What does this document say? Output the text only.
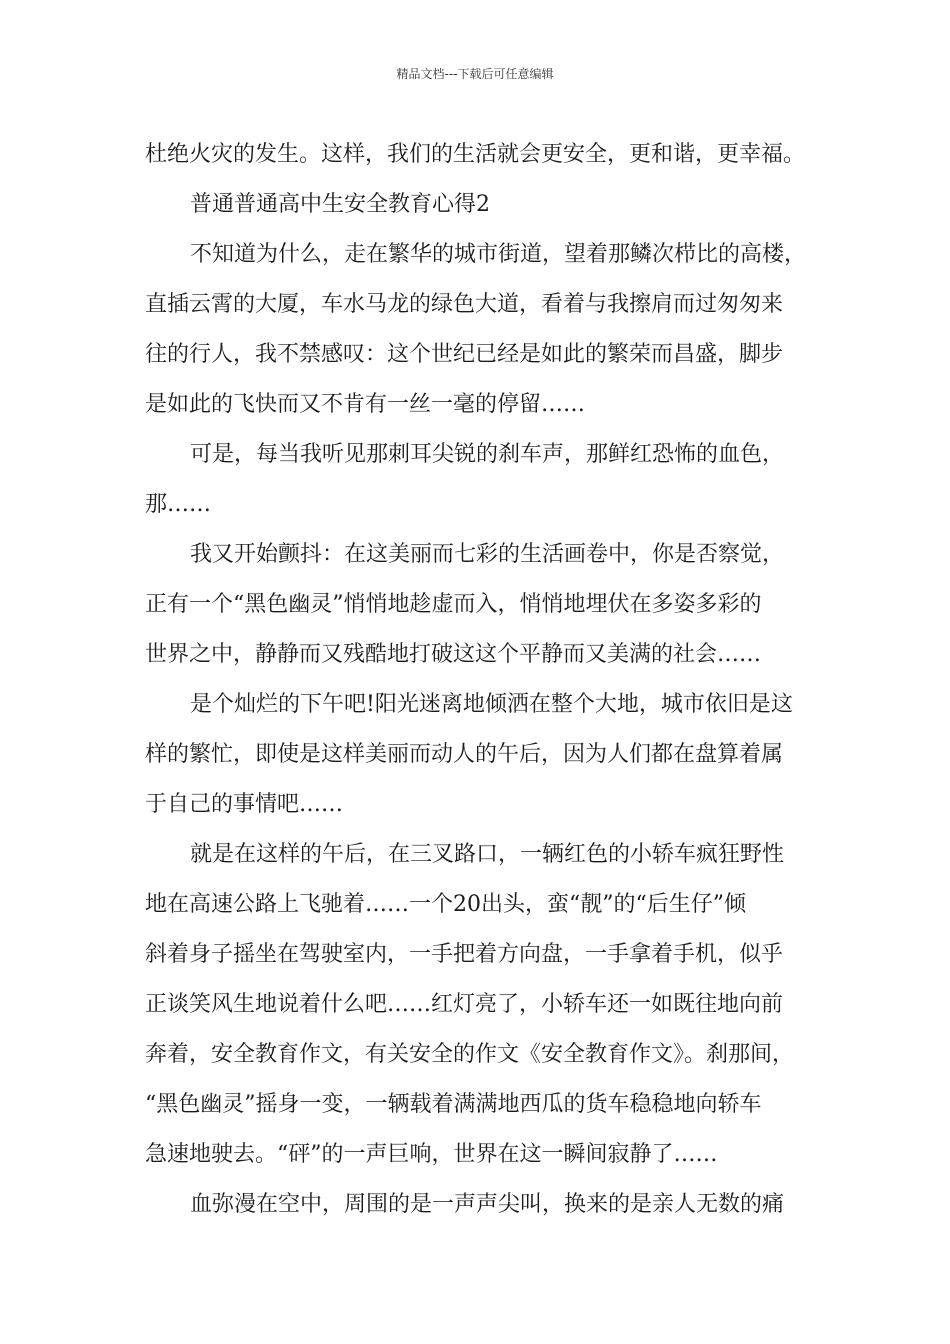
精品文档---下载后可任意编辑
杜绝火灾的发生。这样，我们的生活就会更安全，更和谐，更幸福。
普通普通高中生安全教育心得2
不知道为什么，走在繁华的城市街道，望着那鳞次栉比的高楼，
直插云霄的大厦，车水马龙的绿色大道，看着与我擦肩而过匆匆来
往的行人，我不禁感叹：这个世纪已经是如此的繁荣而昌盛，脚步
是如此的飞快而又不肯有一丝一毫的停留……
可是，每当我听见那刺耳尖锐的刹车声，那鲜红恐怖的血色，
那……
我又开始颤抖：在这美丽而七彩的生活画卷中，你是否察觉，
正有一个“黑色幽灵”悄悄地趁虚而入，悄悄地埋伏在多姿多彩的
世界之中，静静而又残酷地打破这这个平静而又美满的社会……
是个灿烂的下午吧!阳光迷离地倾洒在整个大地，城市依旧是这
样的繁忙，即使是这样美丽而动人的午后，因为人们都在盘算着属
于自己的事情吧……
就是在这样的午后，在三叉路口，一辆红色的小轿车疯狂野性
地在高速公路上飞驰着……一个20出头，蛮“靓”的“后生仔”倾
斜着身子摇坐在驾驶室内，一手把着方向盘，一手拿着手机，似乎
正谈笑风生地说着什么吧……红灯亮了，小轿车还一如既往地向前
奔着，安全教育作文，有关安全的作文《安全教育作文》。刹那间，
“黑色幽灵”摇身一变，一辆载着满满地西瓜的货车稳稳地向轿车
急速地驶去。“砰”的一声巨响，世界在这一瞬间寂静了……
血弥漫在空中，周围的是一声声尖叫，换来的是亲人无数的痛
